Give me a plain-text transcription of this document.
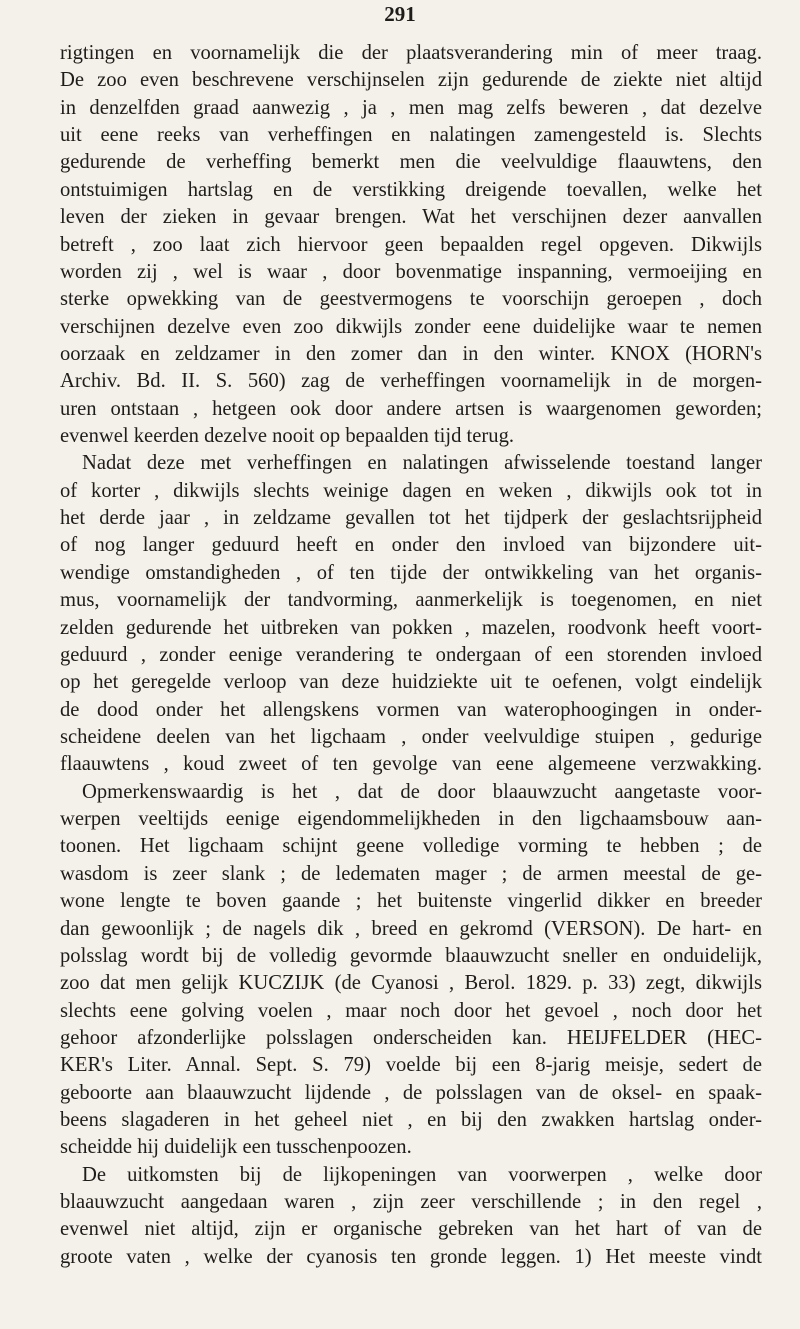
291
rigtingen en voornamelijk die der plaatsverandering min of meer traag.
De zoo even beschrevene verschijnselen zijn gedurende de ziekte niet altijd
in denzelfden graad aanwezig , ja , men mag zelfs beweren , dat dezelve
uit eene reeks van verheffingen en nalatingen zamengesteld is. Slechts
gedurende de verheffing bemerkt men die veelvuldige flaauwtens, den
ontstuimigen hartslag en de verstikking dreigende toevallen, welke het
leven der zieken in gevaar brengen. Wat het verschijnen dezer aanvallen
betreft , zoo laat zich hiervoor geen bepaalden regel opgeven. Dikwijls
worden zij , wel is waar , door bovenmatige inspanning, vermoeijing en
sterke opwekking van de geestvermogens te voorschijn geroepen , doch
verschijnen dezelve even zoo dikwijls zonder eene duidelijke waar te nemen
oorzaak en zeldzamer in den zomer dan in den winter. KNOX (HORN's
Archiv. Bd. II. S. 560) zag de verheffingen voornamelijk in de morgen-
uren ontstaan , hetgeen ook door andere artsen is waargenomen geworden;
evenwel keerden dezelve nooit op bepaalden tijd terug.
Nadat deze met verheffingen en nalatingen afwisselende toestand langer
of korter , dikwijls slechts weinige dagen en weken , dikwijls ook tot in
het derde jaar , in zeldzame gevallen tot het tijdperk der geslachtsrijpheid
of nog langer geduurd heeft en onder den invloed van bijzondere uit-
wendige omstandigheden , of ten tijde der ontwikkeling van het organis-
mus, voornamelijk der tandvorming, aanmerkelijk is toegenomen, en niet
zelden gedurende het uitbreken van pokken , mazelen, roodvonk heeft voort-
geduurd , zonder eenige verandering te ondergaan of een storenden invloed
op het geregelde verloop van deze huidziekte uit te oefenen, volgt eindelijk
de dood onder het allengskens vormen van waterophoogingen in onder-
scheidene deelen van het ligchaam , onder veelvuldige stuipen , gedurige
flaauwtens , koud zweet of ten gevolge van eene algemeene verzwakking.
Opmerkenswaardig is het , dat de door blaauwzucht aangetaste voor-
werpen veeltijds eenige eigendommelijkheden in den ligchaamsbouw aan-
toonen. Het ligchaam schijnt geene volledige vorming te hebben ; de
wasdom is zeer slank ; de ledematen mager ; de armen meestal de ge-
wone lengte te boven gaande ; het buitenste vingerlid dikker en breeder
dan gewoonlijk ; de nagels dik , breed en gekromd (VERSON). De hart- en
polsslag wordt bij de volledig gevormde blaauwzucht sneller en onduidelijk,
zoo dat men gelijk KUCZIJK (de Cyanosi , Berol. 1829. p. 33) zegt, dikwijls
slechts eene golving voelen , maar noch door het gevoel , noch door het
gehoor afzonderlijke polsslagen onderscheiden kan. HEIJFELDER (HEC-
KER's Liter. Annal. Sept. S. 79) voelde bij een 8-jarig meisje, sedert de
geboorte aan blaauwzucht lijdende , de polsslagen van de oksel- en spaak-
beens slagaderen in het geheel niet , en bij den zwakken hartslag onder-
scheidde hij duidelijk een tusschenpoozen.
De uitkomsten bij de lijkopeningen van voorwerpen , welke door
blaauwzucht aangedaan waren , zijn zeer verschillende ; in den regel ,
evenwel niet altijd, zijn er organische gebreken van het hart of van de
groote vaten , welke der cyanosis ten gronde leggen. 1) Het meeste vindt
